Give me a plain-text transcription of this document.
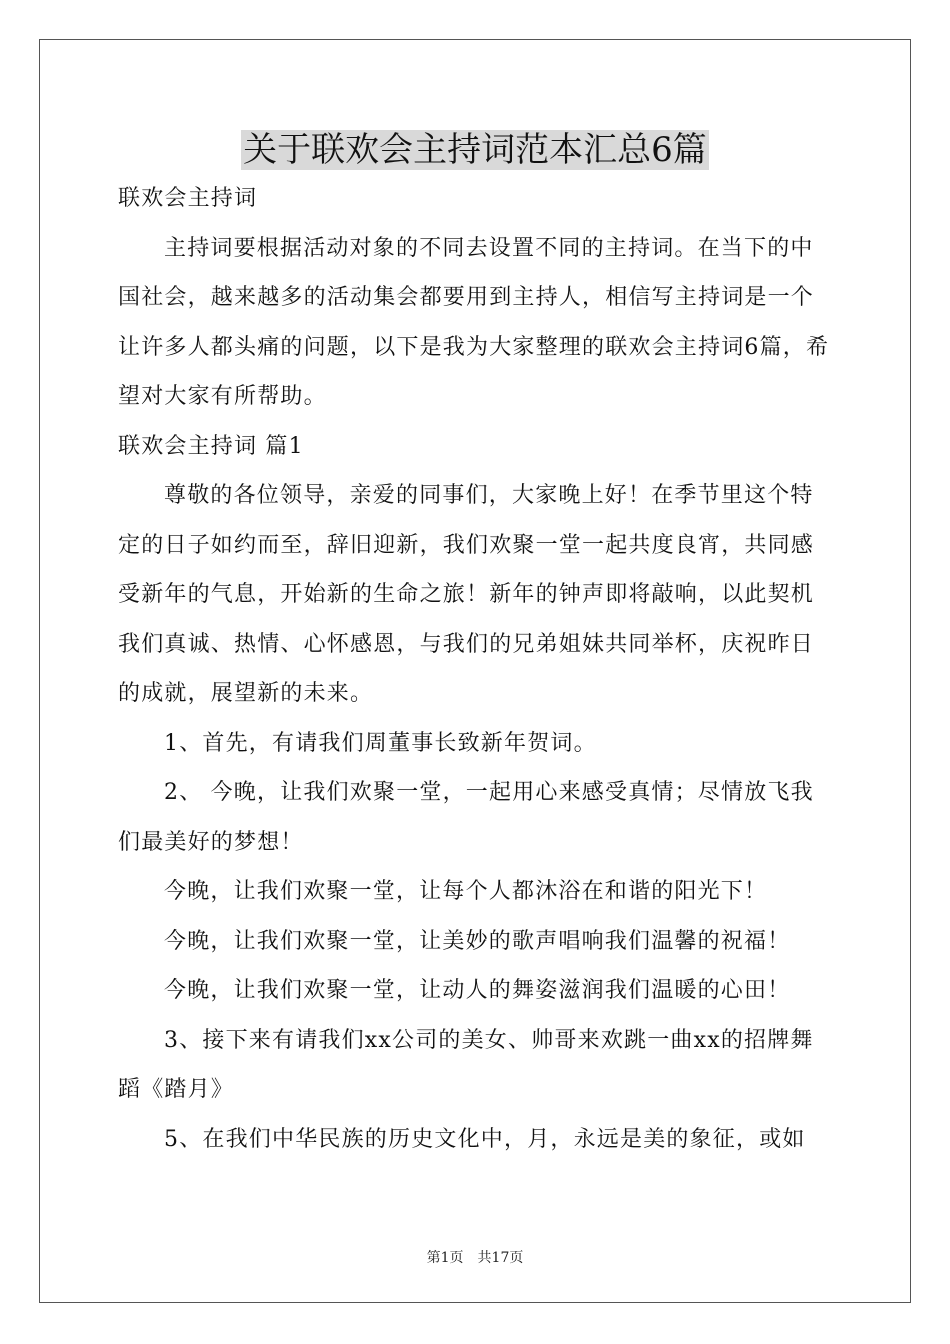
关于联欢会主持词范本汇总6篇

联欢会主持词

主持词要根据活动对象的不同去设置不同的主持词。在当下的中国社会，越来越多的活动集会都要用到主持人，相信写主持词是一个让许多人都头痛的问题，以下是我为大家整理的联欢会主持词6篇，希望对大家有所帮助。

联欢会主持词 篇1

尊敬的各位领导，亲爱的同事们，大家晚上好！在季节里这个特定的日子如约而至，辞旧迎新，我们欢聚一堂一起共度良宵，共同感受新年的气息，开始新的生命之旅！新年的钟声即将敲响，以此契机我们真诚、热情、心怀感恩，与我们的兄弟姐妹共同举杯，庆祝昨日的成就，展望新的未来。

1、首先，有请我们周董事长致新年贺词。

2、 今晚，让我们欢聚一堂，一起用心来感受真情；尽情放飞我们最美好的梦想！

今晚，让我们欢聚一堂，让每个人都沐浴在和谐的阳光下！

今晚，让我们欢聚一堂，让美妙的歌声唱响我们温馨的祝福！

今晚，让我们欢聚一堂，让动人的舞姿滋润我们温暖的心田！

3、接下来有请我们xx公司的美女、帅哥来欢跳一曲xx的招牌舞蹈《踏月》

5、在我们中华民族的历史文化中，月，永远是美的象征，或如

第1页 共17页
